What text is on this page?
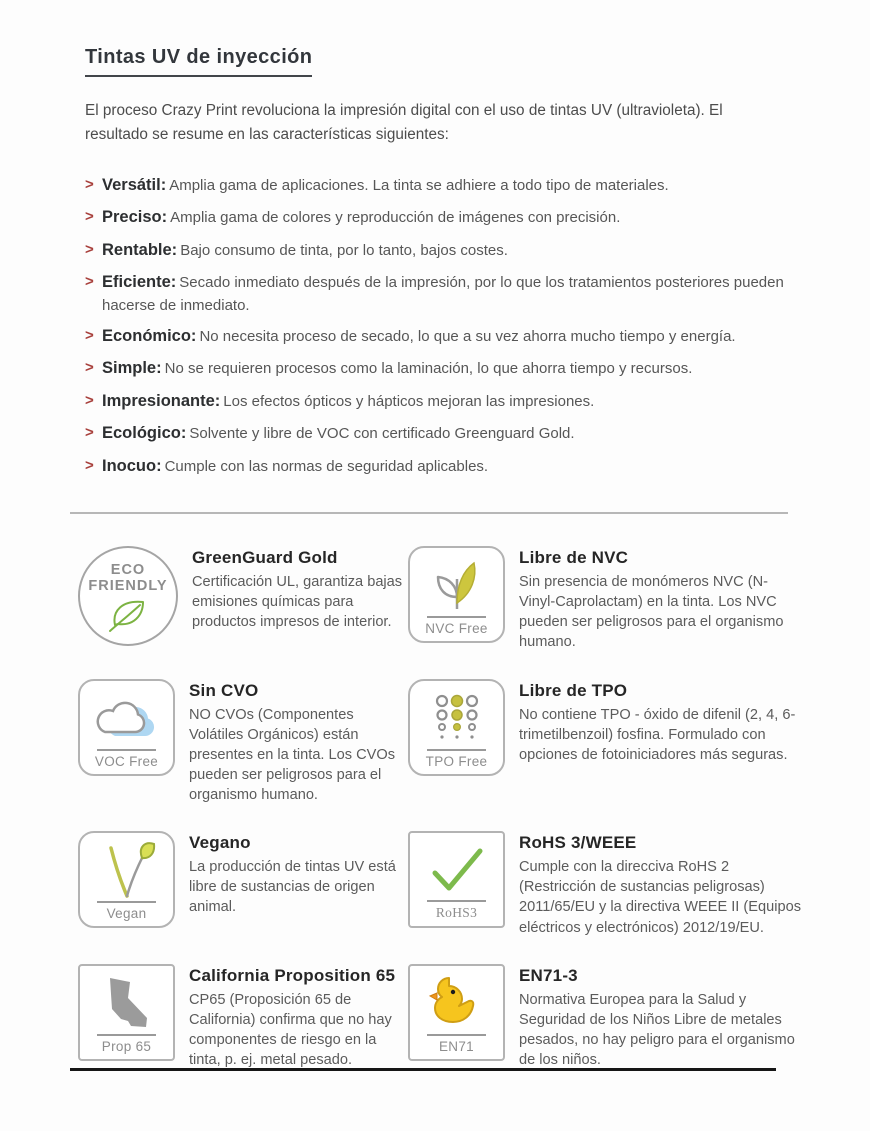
Tintas UV de inyección

El proceso Crazy Print revoluciona la impresión digital con el uso de tintas UV (ultravioleta). El resultado se resume en las características siguientes:

> Versátil: Amplia gama de aplicaciones. La tinta se adhiere a todo tipo de materiales.
> Preciso: Amplia gama de colores y reproducción de imágenes con precisión.
> Rentable: Bajo consumo de tinta, por lo tanto, bajos costes.
> Eficiente: Secado inmediato después de la impresión, por lo que los tratamientos posteriores pueden hacerse de inmediato.
> Económico: No necesita proceso de secado, lo que a su vez ahorra mucho tiempo y energía.
> Simple: No se requieren procesos como la laminación, lo que ahorra tiempo y recursos.
> Impresionante: Los efectos ópticos y hápticos mejoran las impresiones.
> Ecológico: Solvente y libre de VOC con certificado Greenguard Gold.
> Inocuo: Cumple con las normas de seguridad aplicables.
ECO
FRIENDLY
GreenGuard Gold

Certificación UL, garantiza bajas emisiones químicas para productos impresos de interior.	NVC Free
Libre de NVC

Sin presencia de monómeros NVC (N-Vinyl-Caprolactam) en la tinta. Los NVC pueden ser peligrosos para el organismo humano.

VOC Free
Sin CVO

NO CVOs (Componentes Volátiles Orgánicos) están presentes en la tinta. Los CVOs pueden ser peligrosos para el organismo humano.

TPO Free
Libre de TPO

No contiene TPO - óxido de difenil (2, 4, 6-trimetilbenzoil) fosfina. Formulado con opciones de fotoiniciadores más seguras.

Vegan
Vegano

La producción de tintas UV está libre de sustancias de origen animal.	RoHS3
RoHS 3/WEEE

Cumple con la direcciva RoHS 2 (Restricción de sustancias peligrosas) 2011/65/EU y la directiva WEEE II (Equipos eléctricos y electrónicos) 2012/19/EU.

Prop 65
California Proposition 65

CP65 (Proposición 65 de California) confirma que no hay componentes de riesgo en la tinta, p. ej. metal pesado.

EN71
EN71-3

Normativa Europea para la Salud y Seguridad de los Niños Libre de metales pesados, no hay peligro para el organismo de los niños.
